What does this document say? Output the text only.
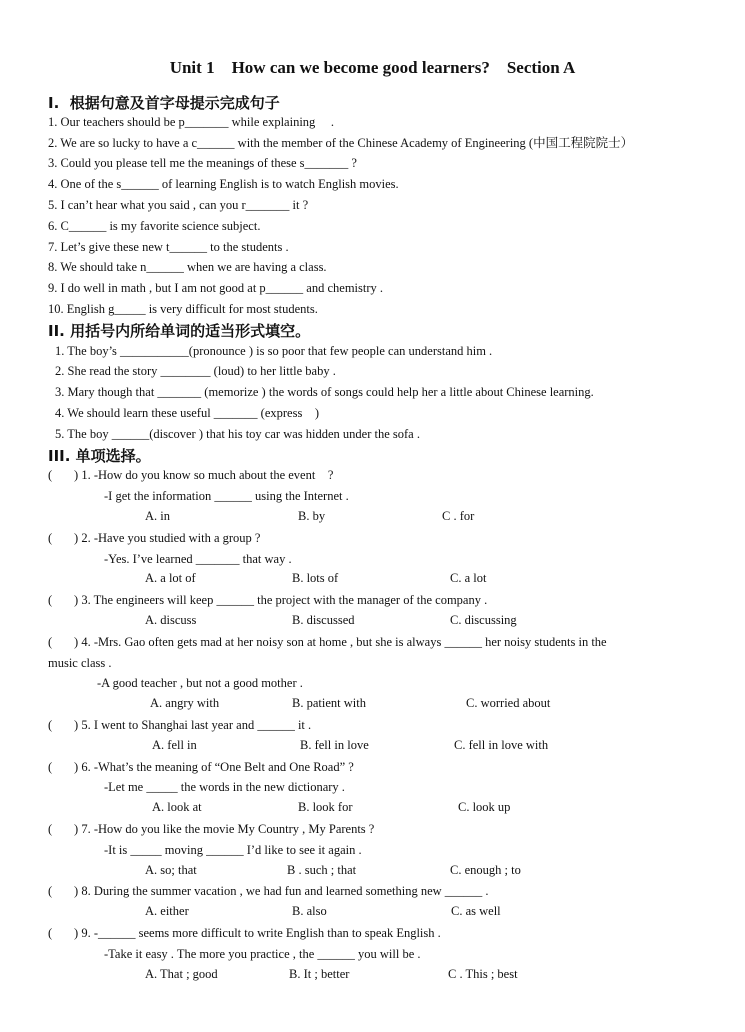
Unit 1    How can we become good learners?    Section A
I.  根据句意及首字母提示完成句子
1. Our teachers should be p_______ while explaining     .
2. We are so lucky to have a c______ with the member of the Chinese Academy of Engineering (中国工程院院士）
3. Could you please tell me the meanings of these s_______ ?
4. One of the s______ of learning English is to watch English movies.
5. I can’t hear what you said , can you r_______ it ?
6. C______ is my favorite science subject.
7. Let’s give these new t______ to the students .
8. We should take n______ when we are having a class.
9. I do well in math , but I am not good at p______ and chemistry .
10. English g_____ is very difficult for most students.
II. 用括号内所给单词的适当形式填空。
1. The boy’s ___________(pronounce ) is so poor that few people can understand him .
2. She read the story ________ (loud) to her little baby .
3. Mary though that _______ (memorize ) the words of songs could help her a little about Chinese learning.
4. We should learn these useful _______ (express    )
5. The boy ______(discover ) that his toy car was hidden under the sofa .
III. 单项选择。
(       ) 1. -How do you know so much about the event    ?
-I get the information ______ using the Internet .
A. in	B. by	C . for
(       ) 2. -Have you studied with a group ?
-Yes. I’ve learned _______ that way .
A. a lot of	B. lots of	C. a lot
(       ) 3. The engineers will keep ______ the project with the manager of the company .
A. discuss	B. discussed	C. discussing
(       ) 4. -Mrs. Gao often gets mad at her noisy son at home , but she is always ______ her noisy students in the
music class .
-A good teacher , but not a good mother .
A. angry with	B. patient with	C. worried about
(       ) 5. I went to Shanghai last year and ______ it .
A. fell in	B. fell in love	C. fell in love with
(       ) 6. -What’s the meaning of “One Belt and One Road” ?
-Let me _____ the words in the new dictionary .
A. look at	B. look for	C. look up
(       ) 7. -How do you like the movie My Country , My Parents ?
-It is _____ moving ______ I’d like to see it again .
A. so; that	B . such ; that	C. enough ; to
(       ) 8. During the summer vacation , we had fun and learned something new ______ .
A. either	B. also	C. as well
(       ) 9. -______ seems more difficult to write English than to speak English .
-Take it easy . The more you practice , the ______ you will be .
A. That ; good	B. It ; better	C . This ; best
